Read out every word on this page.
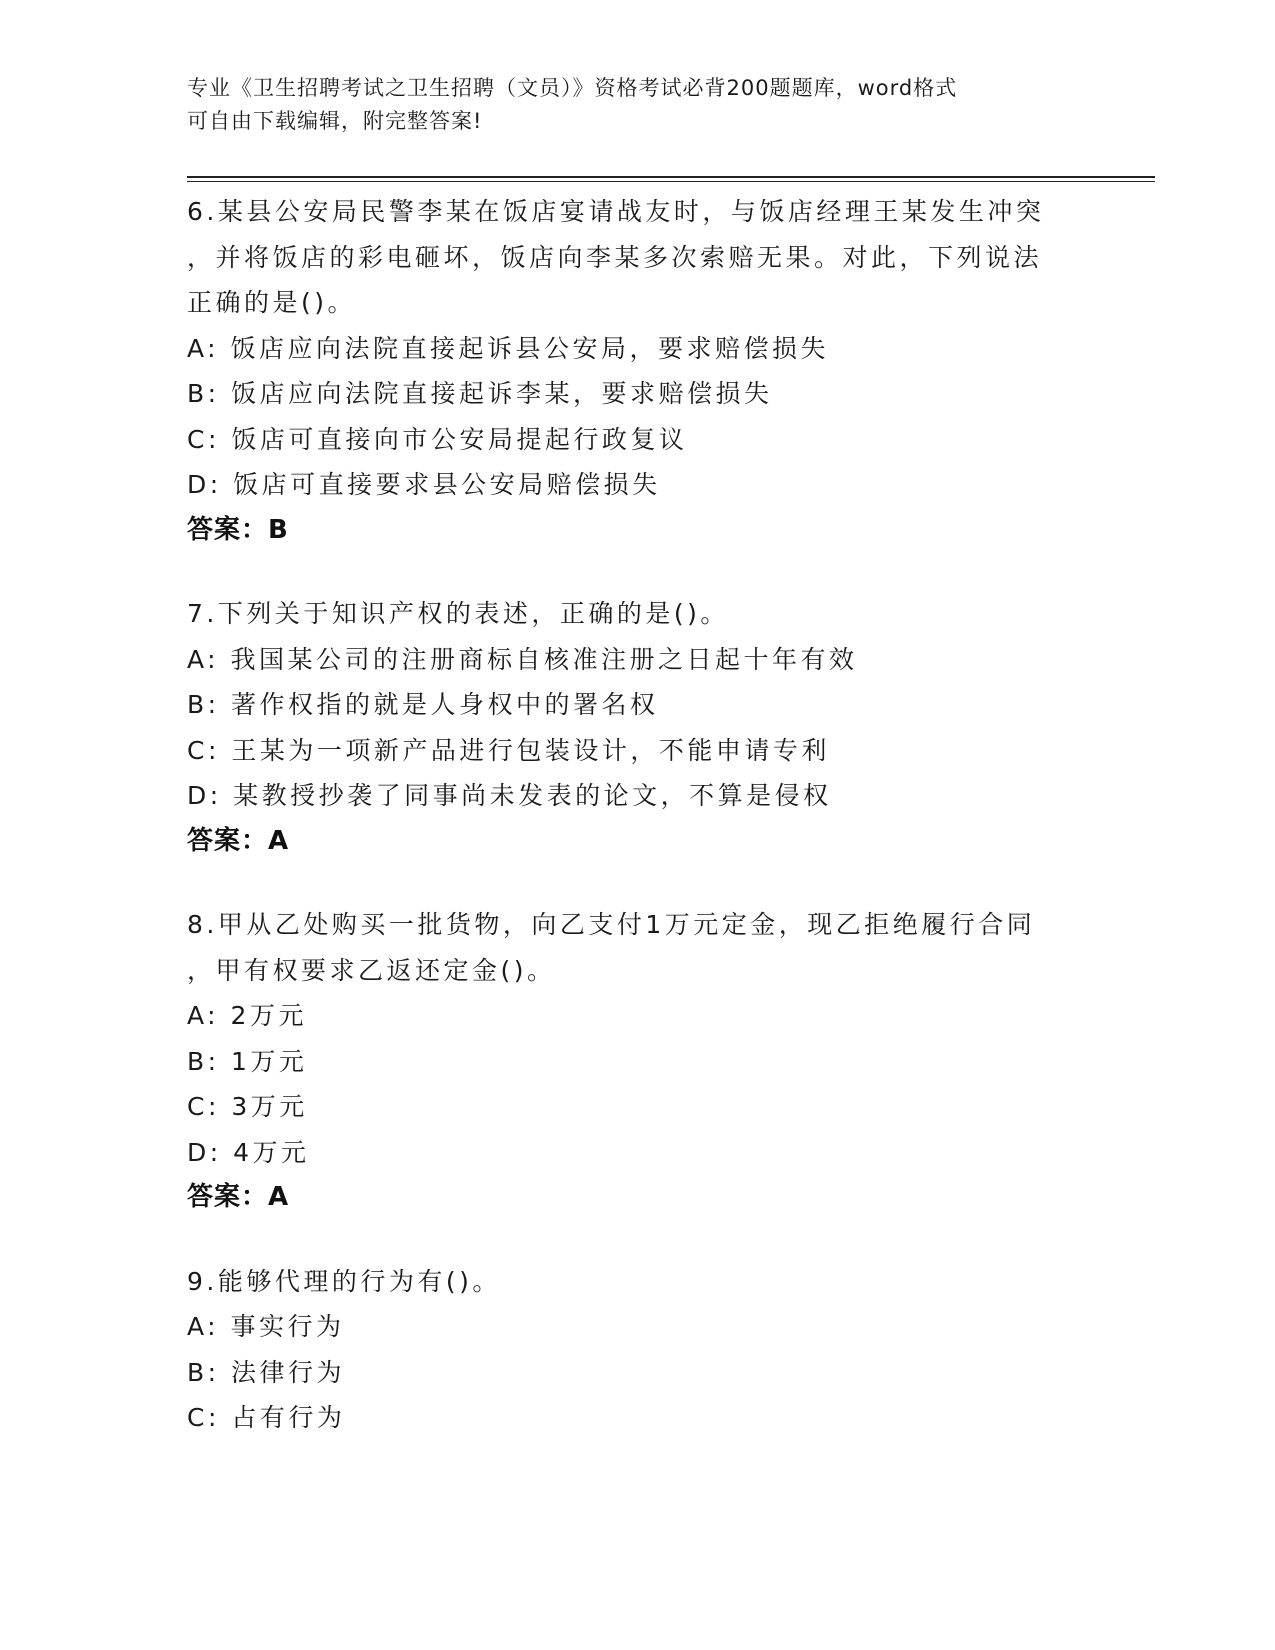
专业《卫生招聘考试之卫生招聘（文员）》资格考试必背200题题库，word格式
可自由下载编辑，附完整答案!
6.某县公安局民警李某在饭店宴请战友时，与饭店经理王某发生冲突
，并将饭店的彩电砸坏，饭店向李某多次索赔无果。对此，下列说法
正确的是()。
A: 饭店应向法院直接起诉县公安局，要求赔偿损失
B: 饭店应向法院直接起诉李某，要求赔偿损失
C: 饭店可直接向市公安局提起行政复议
D: 饭店可直接要求县公安局赔偿损失
答案：B
7.下列关于知识产权的表述，正确的是()。
A: 我国某公司的注册商标自核准注册之日起十年有效
B: 著作权指的就是人身权中的署名权
C: 王某为一项新产品进行包装设计，不能申请专利
D: 某教授抄袭了同事尚未发表的论文，不算是侵权
答案：A
8.甲从乙处购买一批货物，向乙支付1万元定金，现乙拒绝履行合同
，甲有权要求乙返还定金()。
A: 2万元
B: 1万元
C: 3万元
D: 4万元
答案：A
9.能够代理的行为有()。
A: 事实行为
B: 法律行为
C: 占有行为
